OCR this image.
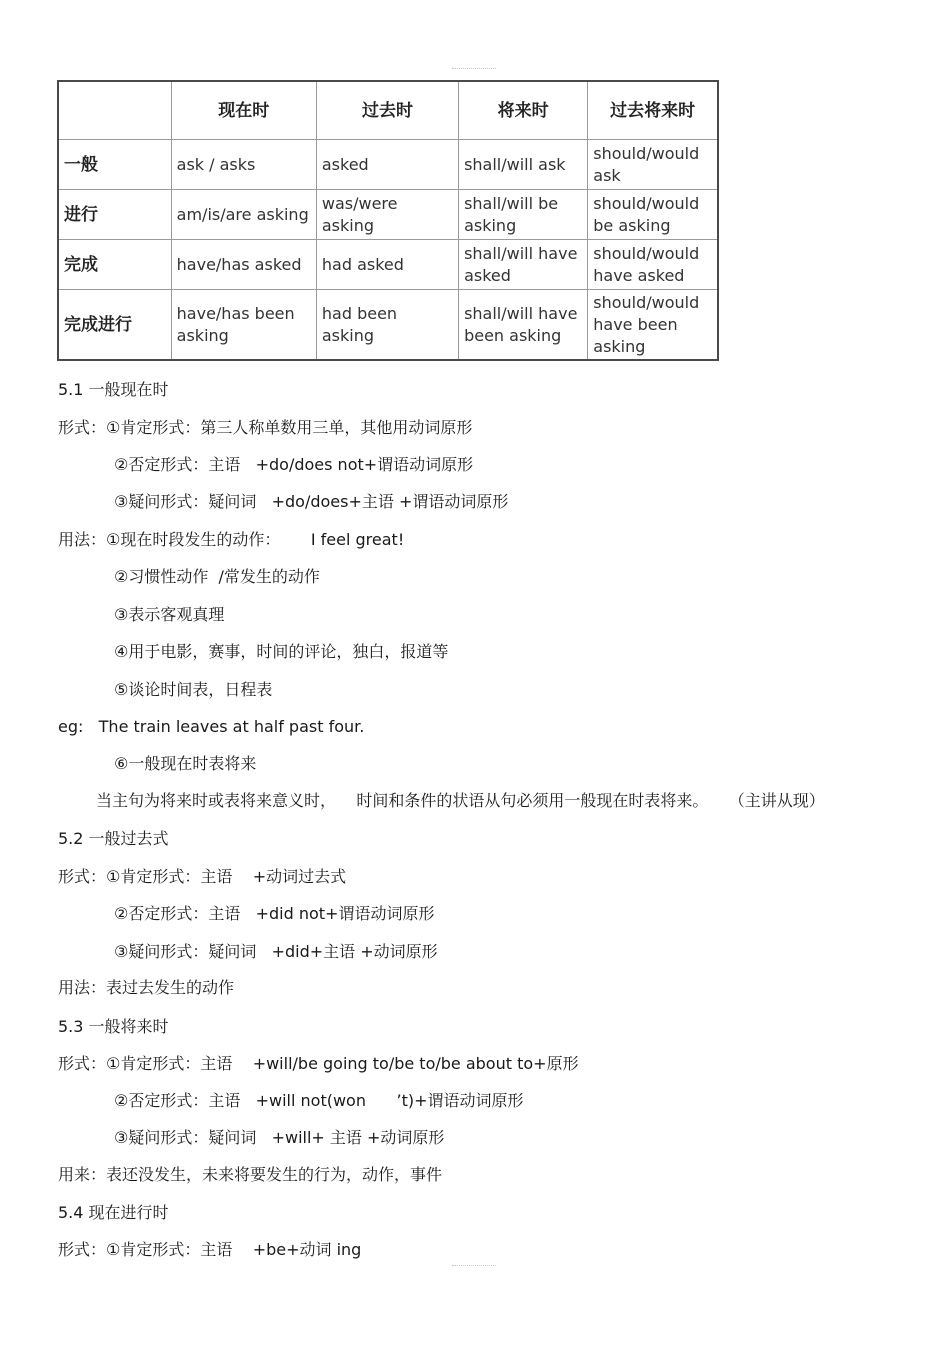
	现在时	过去时	将来时	过去将来时
一般	ask / asks	asked	shall/will ask	should/would ask
进行	am/is/are asking	was/were asking	shall/will be asking	should/would be asking
完成	have/has asked	had asked	shall/will have asked	should/would have asked
完成进行	have/has been asking	had been asking	shall/will have been asking	should/would have been asking
5.1 一般现在时
形式：①肯定形式：第三人称单数用三单，其他用动词原形
②否定形式：主语   +do/does not+谓语动词原形
③疑问形式：疑问词   +do/does+主语 +谓语动词原形
用法：①现在时段发生的动作：      I feel great!
②习惯性动作  /常发生的动作
③表示客观真理
④用于电影，赛事，时间的评论，独白，报道等
⑤谈论时间表，日程表
eg:   The train leaves at half past four.
⑥一般现在时表将来
当主句为将来时或表将来意义时，    时间和条件的状语从句必须用一般现在时表将来。    （主讲从现）
5.2 一般过去式
形式：①肯定形式：主语    +动词过去式
②否定形式：主语   +did not+谓语动词原形
③疑问形式：疑问词   +did+主语 +动词原形
用法：表过去发生的动作
5.3 一般将来时
形式：①肯定形式：主语    +will/be going to/be to/be about to+原形
②否定形式：主语   +will not(won      ’t)+谓语动词原形
③疑问形式：疑问词   +will+ 主语 +动词原形
用来：表还没发生，未来将要发生的行为，动作，事件
5.4 现在进行时
形式：①肯定形式：主语    +be+动词 ing
